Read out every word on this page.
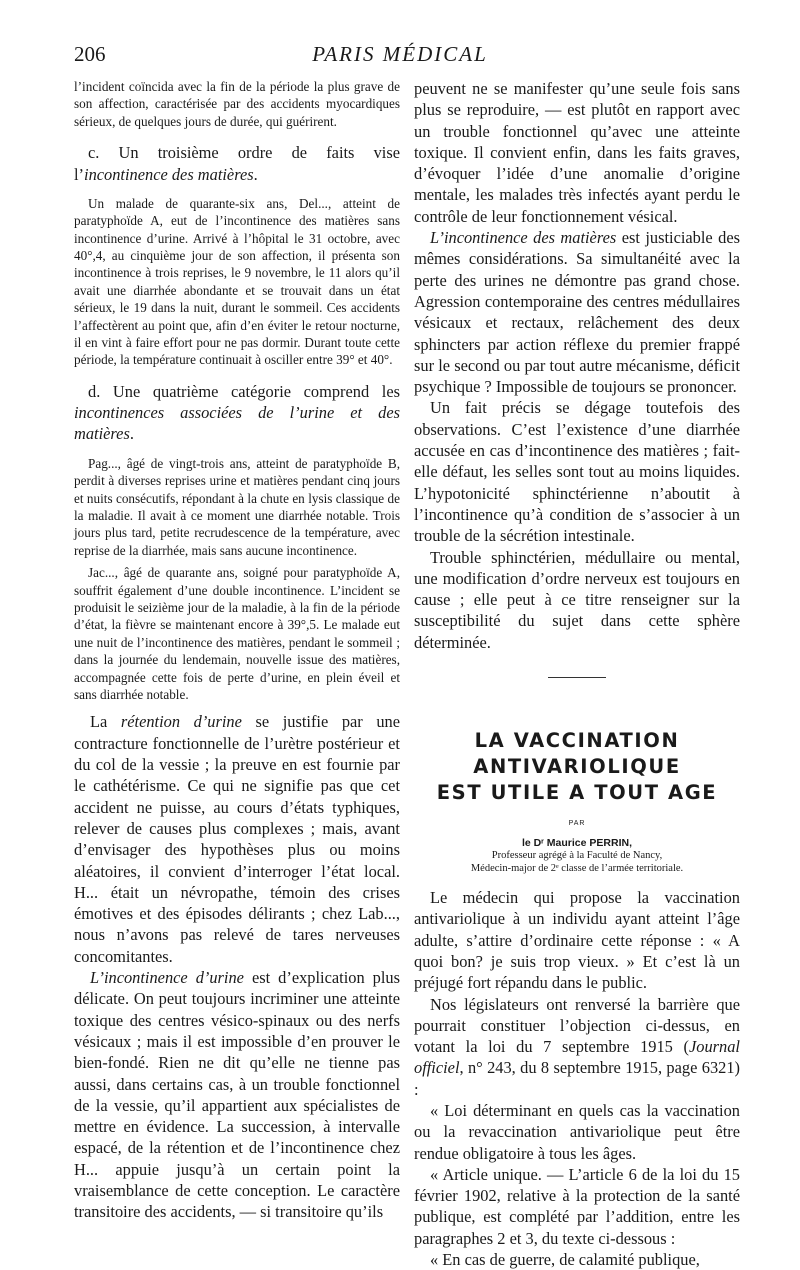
206	PARIS MÉDICAL

l’incident coïncida avec la fin de la période la plus grave de son affection, caractérisée par des accidents myocardiques sérieux, de quelques jours de durée, qui guérirent.

c. Un troisième ordre de faits vise l’incontinence des matières.

Un malade de quarante-six ans, Del..., atteint de paratyphoïde A, eut de l’incontinence des matières sans incontinence d’urine. Arrivé à l’hôpital le 31 octobre, avec 40°,4, au cinquième jour de son affection, il présenta son incontinence à trois reprises, le 9 novembre, le 11 alors qu’il avait une diarrhée abondante et se trouvait dans un état sérieux, le 19 dans la nuit, durant le sommeil. Ces accidents l’affectèrent au point que, afin d’en éviter le retour nocturne, il en vint à faire effort pour ne pas dormir. Durant toute cette période, la température continuait à osciller entre 39° et 40°.

d. Une quatrième catégorie comprend les incontinences associées de l’urine et des matières.

Pag..., âgé de vingt-trois ans, atteint de paratyphoïde B, perdit à diverses reprises urine et matières pendant cinq jours et nuits consécutifs, répondant à la chute en lysis classique de la maladie. Il avait à ce moment une diarrhée notable. Trois jours plus tard, petite recrudescence de la température, avec reprise de la diarrhée, mais sans aucune incontinence.

Jac..., âgé de quarante ans, soigné pour paratyphoïde A, souffrit également d’une double incontinence. L’incident se produisit le seizième jour de la maladie, à la fin de la période d’état, la fièvre se maintenant encore à 39°,5. Le malade eut une nuit de l’incontinence des matières, pendant le sommeil ; dans la journée du lendemain, nouvelle issue des matières, accompagnée cette fois de perte d’urine, en plein éveil et sans diarrhée notable.

La rétention d’urine se justifie par une contracture fonctionnelle de l’urètre postérieur et du col de la vessie ; la preuve en est fournie par le cathétérisme. Ce qui ne signifie pas que cet accident ne puisse, au cours d’états typhiques, relever de causes plus complexes ; mais, avant d’envisager des hypothèses plus ou moins aléatoires, il convient d’interroger l’état local. H... était un névropathe, témoin des crises émotives et des épisodes délirants ; chez Lab..., nous n’avons pas relevé de tares nerveuses concomitantes.

L’incontinence d’urine est d’explication plus délicate. On peut toujours incriminer une atteinte toxique des centres vésico-spinaux ou des nerfs vésicaux ; mais il est impossible d’en prouver le bien-fondé. Rien ne dit qu’elle ne tienne pas aussi, dans certains cas, à un trouble fonctionnel de la vessie, qu’il appartient aux spécialistes de mettre en évidence. La succession, à intervalle espacé, de la rétention et de l’incontinence chez H... appuie jusqu’à un certain point la vraisemblance de cette conception. Le caractère transitoire des accidents, — si transitoire qu’ils

peuvent ne se manifester qu’une seule fois sans plus se reproduire, — est plutôt en rapport avec un trouble fonctionnel qu’avec une atteinte toxique. Il convient enfin, dans les faits graves, d’évoquer l’idée d’une anomalie d’origine mentale, les malades très infectés ayant perdu le contrôle de leur fonctionnement vésical.

L’incontinence des matières est justiciable des mêmes considérations. Sa simultanéité avec la perte des urines ne démontre pas grand chose. Agression contemporaine des centres médullaires vésicaux et rectaux, relâchement des deux sphincters par action réflexe du premier frappé sur le second ou par tout autre mécanisme, déficit psychique ? Impossible de toujours se prononcer.

Un fait précis se dégage toutefois des observations. C’est l’existence d’une diarrhée accusée en cas d’incontinence des matières ; fait-elle défaut, les selles sont tout au moins liquides. L’hypotonicité sphinctérienne n’aboutit à l’incontinence qu’à condition de s’associer à un trouble de la sécrétion intestinale.

Trouble sphinctérien, médullaire ou mental, une modification d’ordre nerveux est toujours en cause ; elle peut à ce titre renseigner sur la susceptibilité du sujet dans cette sphère déterminée.

LA VACCINATION
ANTIVARIOLIQUE
EST UTILE A TOUT AGE
PAR
le Dʳ Maurice PERRIN,
Professeur agrégé à la Faculté de Nancy,
Médecin-major de 2ᵉ classe de l’armée territoriale.

Le médecin qui propose la vaccination antivariolique à un individu ayant atteint l’âge adulte, s’attire d’ordinaire cette réponse : « A quoi bon? je suis trop vieux. » Et c’est là un préjugé fort répandu dans le public.

Nos législateurs ont renversé la barrière que pourrait constituer l’objection ci-dessus, en votant la loi du 7 septembre 1915 (Journal officiel, n° 243, du 8 septembre 1915, page 6321) :

« Loi déterminant en quels cas la vaccination ou la revaccination antivariolique peut être rendue obligatoire à tous les âges.

« Article unique. — L’article 6 de la loi du 15 février 1902, relative à la protection de la santé publique, est complété par l’addition, entre les paragraphes 2 et 3, du texte ci-dessous :

« En cas de guerre, de calamité publique,
